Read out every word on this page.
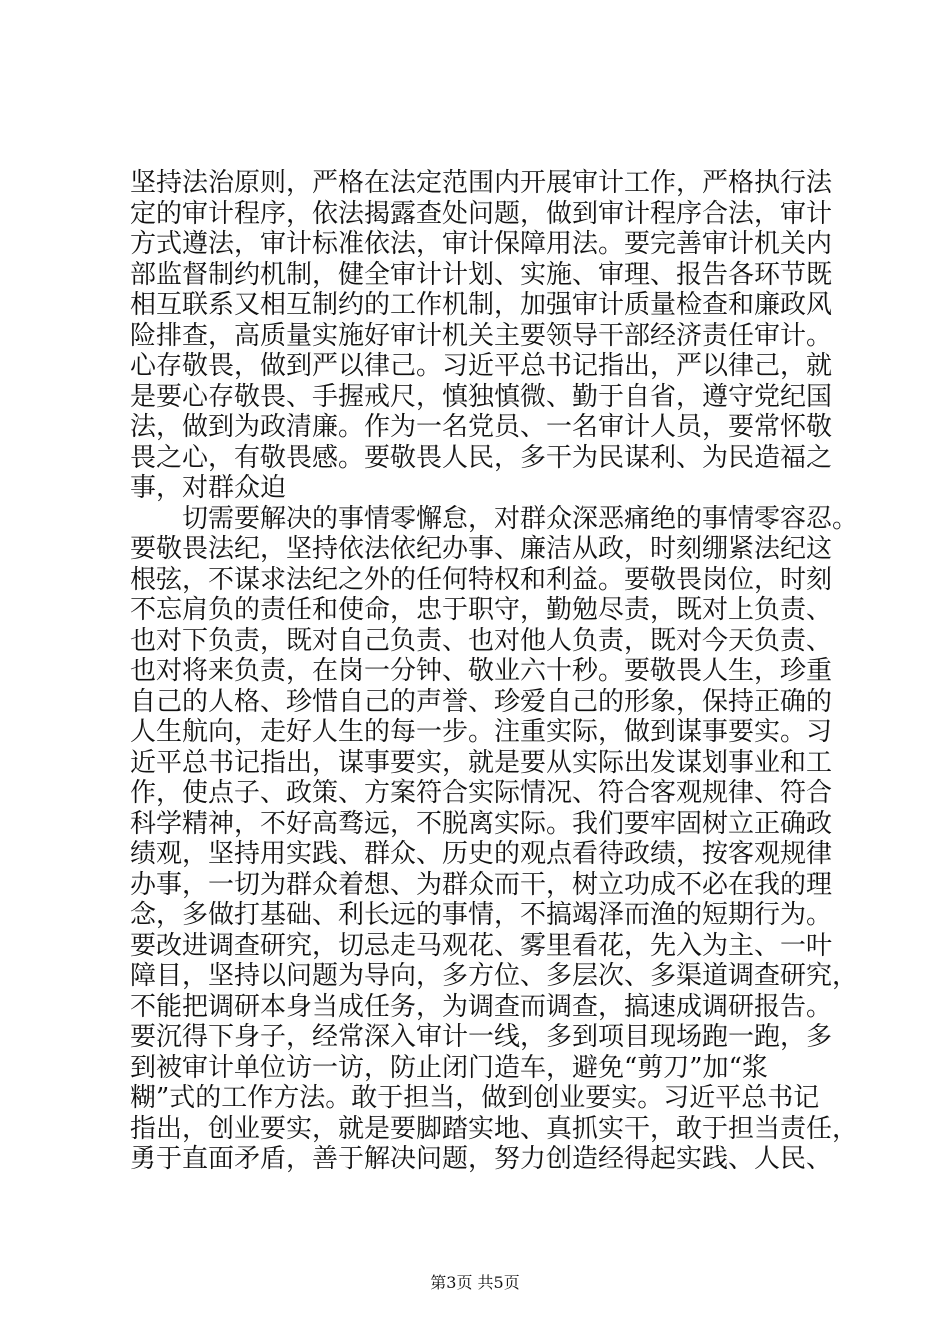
坚持法治原则，严格在法定范围内开展审计工作，严格执行法
定的审计程序，依法揭露查处问题，做到审计程序合法，审计
方式遵法，审计标准依法，审计保障用法。要完善审计机关内
部监督制约机制，健全审计计划、实施、审理、报告各环节既
相互联系又相互制约的工作机制，加强审计质量检查和廉政风
险排查，高质量实施好审计机关主要领导干部经济责任审计。
心存敬畏，做到严以律己。习近平总书记指出，严以律己，就
是要心存敬畏、手握戒尺，慎独慎微、勤于自省，遵守党纪国
法，做到为政清廉。作为一名党员、一名审计人员，要常怀敬
畏之心，有敬畏感。要敬畏人民，多干为民谋利、为民造福之
事，对群众迫
切需要解决的事情零懈怠，对群众深恶痛绝的事情零容忍。
要敬畏法纪，坚持依法依纪办事、廉洁从政，时刻绷紧法纪这
根弦，不谋求法纪之外的任何特权和利益。要敬畏岗位，时刻
不忘肩负的责任和使命，忠于职守，勤勉尽责，既对上负责、
也对下负责，既对自己负责、也对他人负责，既对今天负责、
也对将来负责，在岗一分钟、敬业六十秒。要敬畏人生，珍重
自己的人格、珍惜自己的声誉、珍爱自己的形象，保持正确的
人生航向，走好人生的每一步。注重实际，做到谋事要实。习
近平总书记指出，谋事要实，就是要从实际出发谋划事业和工
作，使点子、政策、方案符合实际情况、符合客观规律、符合
科学精神，不好高骛远，不脱离实际。我们要牢固树立正确政
绩观，坚持用实践、群众、历史的观点看待政绩，按客观规律
办事，一切为群众着想、为群众而干，树立功成不必在我的理
念，多做打基础、利长远的事情，不搞竭泽而渔的短期行为。
要改进调查研究，切忌走马观花、雾里看花，先入为主、一叶
障目，坚持以问题为导向，多方位、多层次、多渠道调查研究，
不能把调研本身当成任务，为调查而调查，搞速成调研报告。
要沉得下身子，经常深入审计一线，多到项目现场跑一跑，多
到被审计单位访一访，防止闭门造车，避免“剪刀”加“浆
糊”式的工作方法。敢于担当，做到创业要实。习近平总书记
指出，创业要实，就是要脚踏实地、真抓实干，敢于担当责任，
勇于直面矛盾，善于解决问题，努力创造经得起实践、人民、
第3页 共5页
